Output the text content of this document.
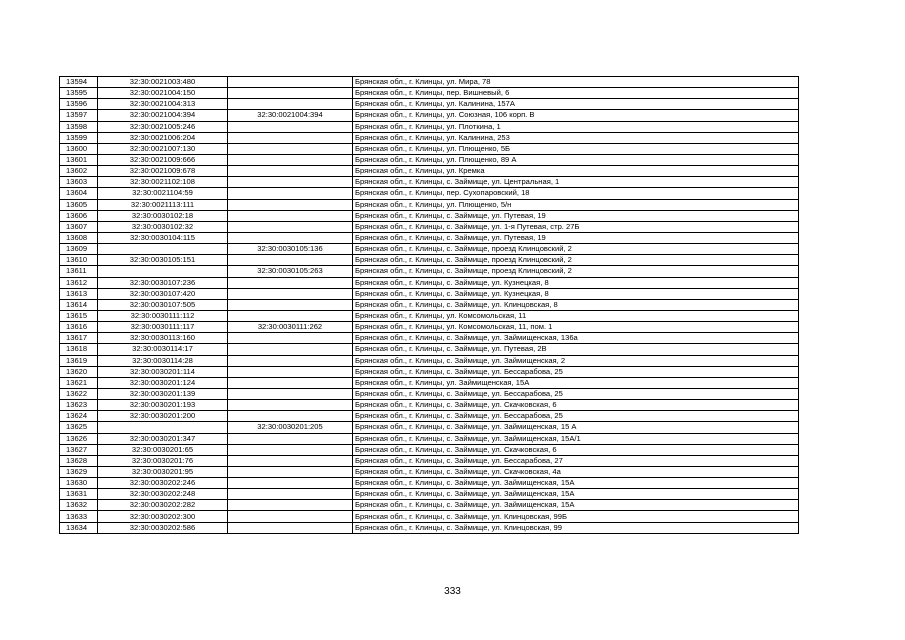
13594	32:30:0021003:480		Брянская обл., г. Клинцы, ул. Мира, 78
13595	32:30:0021004:150		Брянская обл., г. Клинцы, пер. Вишневый, 6
13596	32:30:0021004:313		Брянская обл., г. Клинцы, ул. Калинина, 157А
13597	32:30:0021004:394	32:30:0021004:394	Брянская обл., г. Клинцы, ул. Союзная, 106 корп. В
13598	32:30:0021005:246		Брянская обл., г. Клинцы, ул. Плоткина, 1
13599	32:30:0021006:204		Брянская обл., г. Клинцы, ул. Калинина, 253
13600	32:30:0021007:130		Брянская обл., г. Клинцы, ул. Плющенко, 5Б
13601	32:30:0021009:666		Брянская обл., г. Клинцы, ул. Плющенко, 89 А
13602	32:30:0021009:678		Брянская обл., г. Клинцы, ул. Кремка
13603	32:30:0021102:108		Брянская обл., г. Клинцы, с. Займище, ул. Центральная, 1
13604	32:30:0021104:59		Брянская обл., г. Клинцы, пер. Сухопаровский, 18
13605	32:30:0021113:111		Брянская обл., г. Клинцы, ул. Плющенко, 5/н
13606	32:30:0030102:18		Брянская обл., г. Клинцы, с. Займище, ул. Путевая, 19
13607	32:30:0030102:32		Брянская обл., г. Клинцы, с. Займище, ул. 1-я Путевая, стр. 27Б
13608	32:30:0030104:115		Брянская обл., г. Клинцы, с. Займище, ул. Путевая, 19
13609		32:30:0030105:136	Брянская обл., г. Клинцы, с. Займище, проезд Клинцовский, 2
13610	32:30:0030105:151		Брянская обл., г. Клинцы, с. Займище, проезд Клинцовский, 2
13611		32:30:0030105:263	Брянская обл., г. Клинцы, с. Займище, проезд Клинцовский, 2
13612	32:30:0030107:236		Брянская обл., г. Клинцы, с. Займище, ул. Кузнецкая, 8
13613	32:30:0030107:420		Брянская обл., г. Клинцы, с. Займище, ул. Кузнецкая, 8
13614	32:30:0030107:505		Брянская обл., г. Клинцы, с. Займище, ул. Клинцовская, 8
13615	32:30:0030111:112		Брянская обл., г. Клинцы, ул. Комсомольская, 11
13616	32:30:0030111:117	32:30:0030111:262	Брянская обл., г. Клинцы, ул. Комсомольская, 11, пом. 1
13617	32:30:0030113:160		Брянская обл., г. Клинцы, с. Займище, ул. Займищенская, 136а
13618	32:30:0030114:17		Брянская обл., г. Клинцы, с. Займище, ул. Путевая, 2В
13619	32:30:0030114:28		Брянская обл., г. Клинцы, с. Займище, ул. Займищенская, 2
13620	32:30:0030201:114		Брянская обл., г. Клинцы, с. Займище, ул. Бессарабова, 25
13621	32:30:0030201:124		Брянская обл., г. Клинцы, ул. Займищенская, 15А
13622	32:30:0030201:139		Брянская обл., г. Клинцы, с. Займище, ул. Бессарабова, 25
13623	32:30:0030201:193		Брянская обл., г. Клинцы, с. Займище, ул. Скачковская, 6
13624	32:30:0030201:200		Брянская обл., г. Клинцы, с. Займище, ул. Бессарабова, 25
13625		32:30:0030201:205	Брянская обл., г. Клинцы, с. Займище, ул. Займищенская, 15 А
13626	32:30:0030201:347		Брянская обл., г. Клинцы, с. Займище, ул. Займищенская, 15А/1
13627	32:30:0030201:65		Брянская обл., г. Клинцы, с. Займище, ул. Скачковская, 6
13628	32:30:0030201:76		Брянская обл., г. Клинцы, с. Займище, ул. Бессарабова, 27
13629	32:30:0030201:95		Брянская обл., г. Клинцы, с. Займище, ул. Скачковская, 4а
13630	32:30:0030202:246		Брянская обл., г. Клинцы, с. Займище, ул. Займищенская, 15А
13631	32:30:0030202:248		Брянская обл., г. Клинцы, с. Займище, ул. Займищенская, 15А
13632	32:30:0030202:282		Брянская обл., г. Клинцы, с. Займище, ул. Займищенская, 15А
13633	32:30:0030202:300		Брянская обл., г. Клинцы, с. Займище, ул. Клинцовская, 99Б
13634	32:30:0030202:586		Брянская обл., г. Клинцы, с. Займище, ул. Клинцовская, 99
333
